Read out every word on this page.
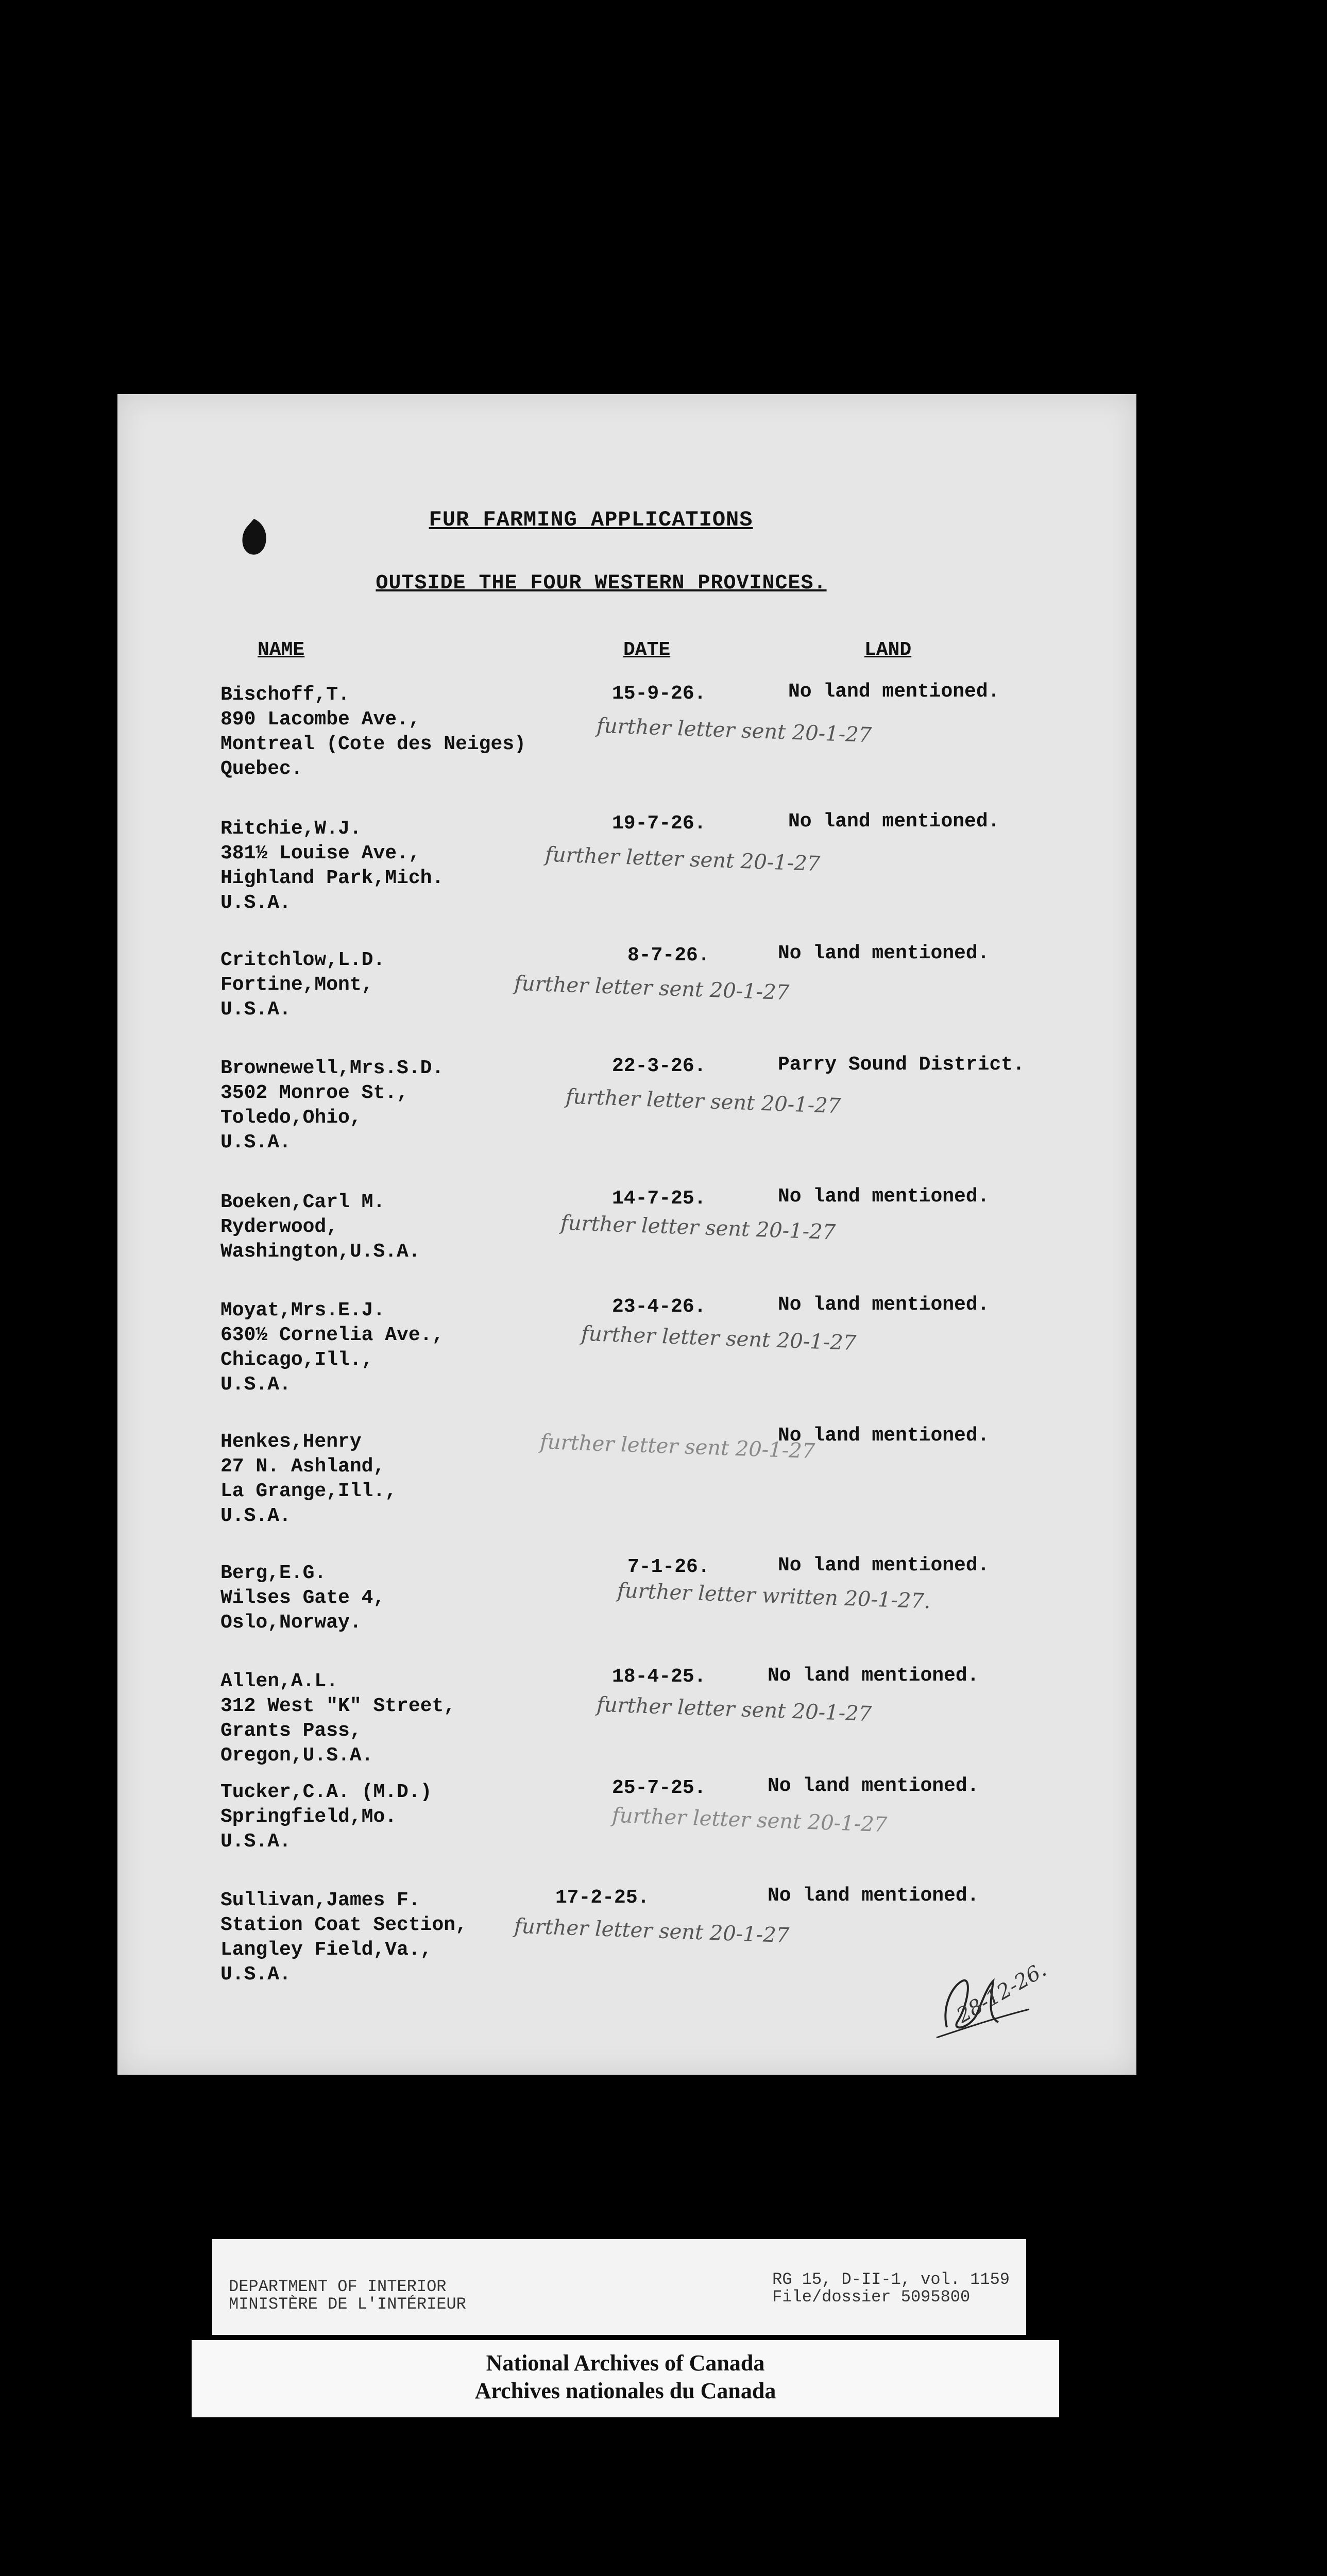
FUR FARMING APPLICATIONS
OUTSIDE THE FOUR WESTERN PROVINCES.
NAME	DATE	LAND
Bischoff,T.
890 Lacombe Ave.,
Montreal (Cote des Neiges)
Quebec.
15-9-26.	No land mentioned.
further letter sent 20-1-27
Ritchie,W.J.
381½ Louise Ave.,
Highland Park,Mich.
U.S.A.
19-7-26.	No land mentioned.
further letter sent 20-1-27
Critchlow,L.D.
Fortine,Mont,
U.S.A.
8-7-26.	No land mentioned.
further letter sent 20-1-27
Brownewell,Mrs.S.D.
3502 Monroe St.,
Toledo,Ohio,
U.S.A.
22-3-26.	Parry Sound District.
further letter sent 20-1-27
Boeken,Carl M.
Ryderwood,
Washington,U.S.A.
14-7-25.	No land mentioned.
further letter sent 20-1-27
Moyat,Mrs.E.J.
630½ Cornelia Ave.,
Chicago,Ill.,
U.S.A.
23-4-26.	No land mentioned.
further letter sent 20-1-27
Henkes,Henry
27 N. Ashland,
La Grange,Ill.,
U.S.A.
No land mentioned.
further letter sent 20-1-27
Berg,E.G.
Wilses Gate 4,
Oslo,Norway.
7-1-26.	No land mentioned.
further letter written 20-1-27.
Allen,A.L.
312 West "K" Street,
Grants Pass,
Oregon,U.S.A.
18-4-25.	No land mentioned.
further letter sent 20-1-27
Tucker,C.A. (M.D.)
Springfield,Mo.
U.S.A.
25-7-25.	No land mentioned.
further letter sent 20-1-27
Sullivan,James F.
Station Coat Section,
Langley Field,Va.,
U.S.A.
17-2-25.	No land mentioned.
further letter sent 20-1-27
28-12-26.
DEPARTMENT OF INTERIOR
MINISTÈRE DE L'INTÉRIEUR
RG 15, D-II-1, vol. 1159
File/dossier 5095800
National Archives of Canada
Archives nationales du Canada
